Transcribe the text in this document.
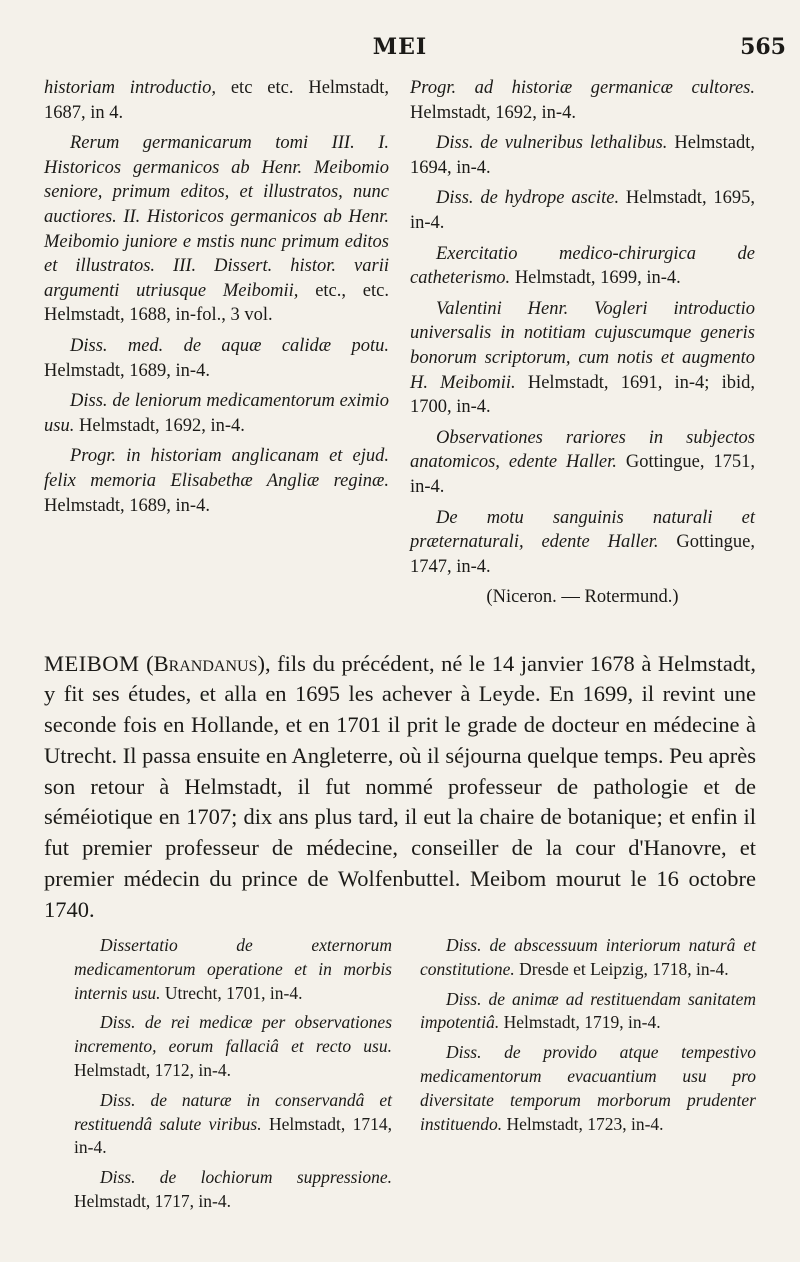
MEI	565

historiam introductio, etc etc. Helmstadt, 1687, in 4.

Rerum germanicarum tomi III. I. Historicos germanicos ab Henr. Meibomio seniore, primum editos, et illustratos, nunc auctiores. II. Historicos germanicos ab Henr. Meibomio juniore e mstis nunc primum editos et illustratos. III. Dissert. histor. varii argumenti utriusque Meibomii, etc., etc. Helmstadt, 1688, in-fol., 3 vol.

Diss. med. de aquæ calidæ potu. Helmstadt, 1689, in-4.

Diss. de leniorum medicamentorum eximio usu. Helmstadt, 1692, in-4.

Progr. in historiam anglicanam et ejud. felix memoria Elisabethæ Angliæ reginæ. Helmstadt, 1689, in-4.

Progr. ad historiæ germanicæ cultores. Helmstadt, 1692, in-4.

Diss. de vulneribus lethalibus. Helmstadt, 1694, in-4.

Diss. de hydrope ascite. Helmstadt, 1695, in-4.

Exercitatio medico-chirurgica de catheterismo. Helmstadt, 1699, in-4.

Valentini Henr. Vogleri introductio universalis in notitiam cujuscumque generis bonorum scriptorum, cum notis et augmento H. Meibomii. Helmstadt, 1691, in-4; ibid, 1700, in-4.

Observationes rariores in subjectos anatomicos, edente Haller. Gottingue, 1751, in-4.

De motu sanguinis naturali et præternaturali, edente Haller. Gottingue, 1747, in-4.

(Niceron. — Rotermund.)

MEIBOM (Brandanus), fils du précédent, né le 14 janvier 1678 à Helmstadt, y fit ses études, et alla en 1695 les achever à Leyde. En 1699, il revint une seconde fois en Hollande, et en 1701 il prit le grade de docteur en médecine à Utrecht. Il passa ensuite en Angleterre, où il séjourna quelque temps. Peu après son retour à Helmstadt, il fut nommé professeur de pathologie et de séméiotique en 1707; dix ans plus tard, il eut la chaire de botanique; et enfin il fut premier professeur de médecine, conseiller de la cour d'Hanovre, et premier médecin du prince de Wolfenbuttel. Meibom mourut le 16 octobre 1740.

Dissertatio de externorum medicamentorum operatione et in morbis internis usu. Utrecht, 1701, in-4.

Diss. de rei medicæ per observationes incremento, eorum fallaciâ et recto usu. Helmstadt, 1712, in-4.

Diss. de naturæ in conservandâ et restituendâ salute viribus. Helmstadt, 1714, in-4.

Diss. de lochiorum suppressione. Helmstadt, 1717, in-4.

Diss. de abscessuum interiorum naturâ et constitutione. Dresde et Leipzig, 1718, in-4.

Diss. de animæ ad restituendam sanitatem impotentiâ. Helmstadt, 1719, in-4.

Diss. de provido atque tempestivo medicamentorum evacuantium usu pro diversitate temporum morborum prudenter instituendo. Helmstadt, 1723, in-4.
